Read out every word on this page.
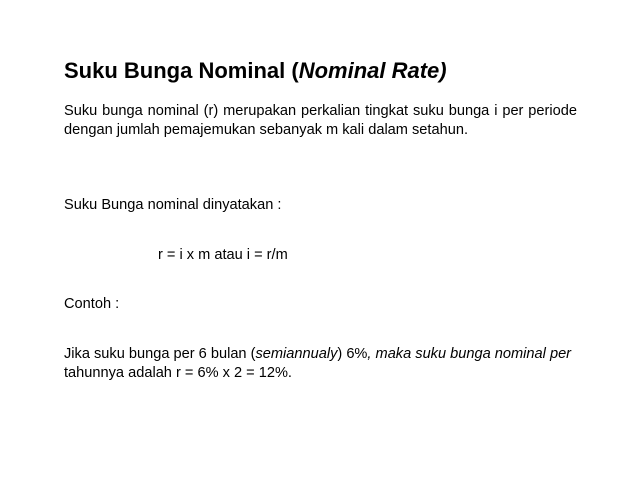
Suku Bunga Nominal (Nominal Rate)
Suku bunga nominal (r) merupakan perkalian tingkat suku bunga i per periode dengan jumlah pemajemukan sebanyak m kali dalam setahun.
Suku Bunga nominal dinyatakan :
r = i x m atau i = r/m
Contoh :
Jika suku bunga per 6 bulan (semiannualy) 6%, maka suku bunga nominal per tahunnya adalah r = 6% x 2 = 12%.
